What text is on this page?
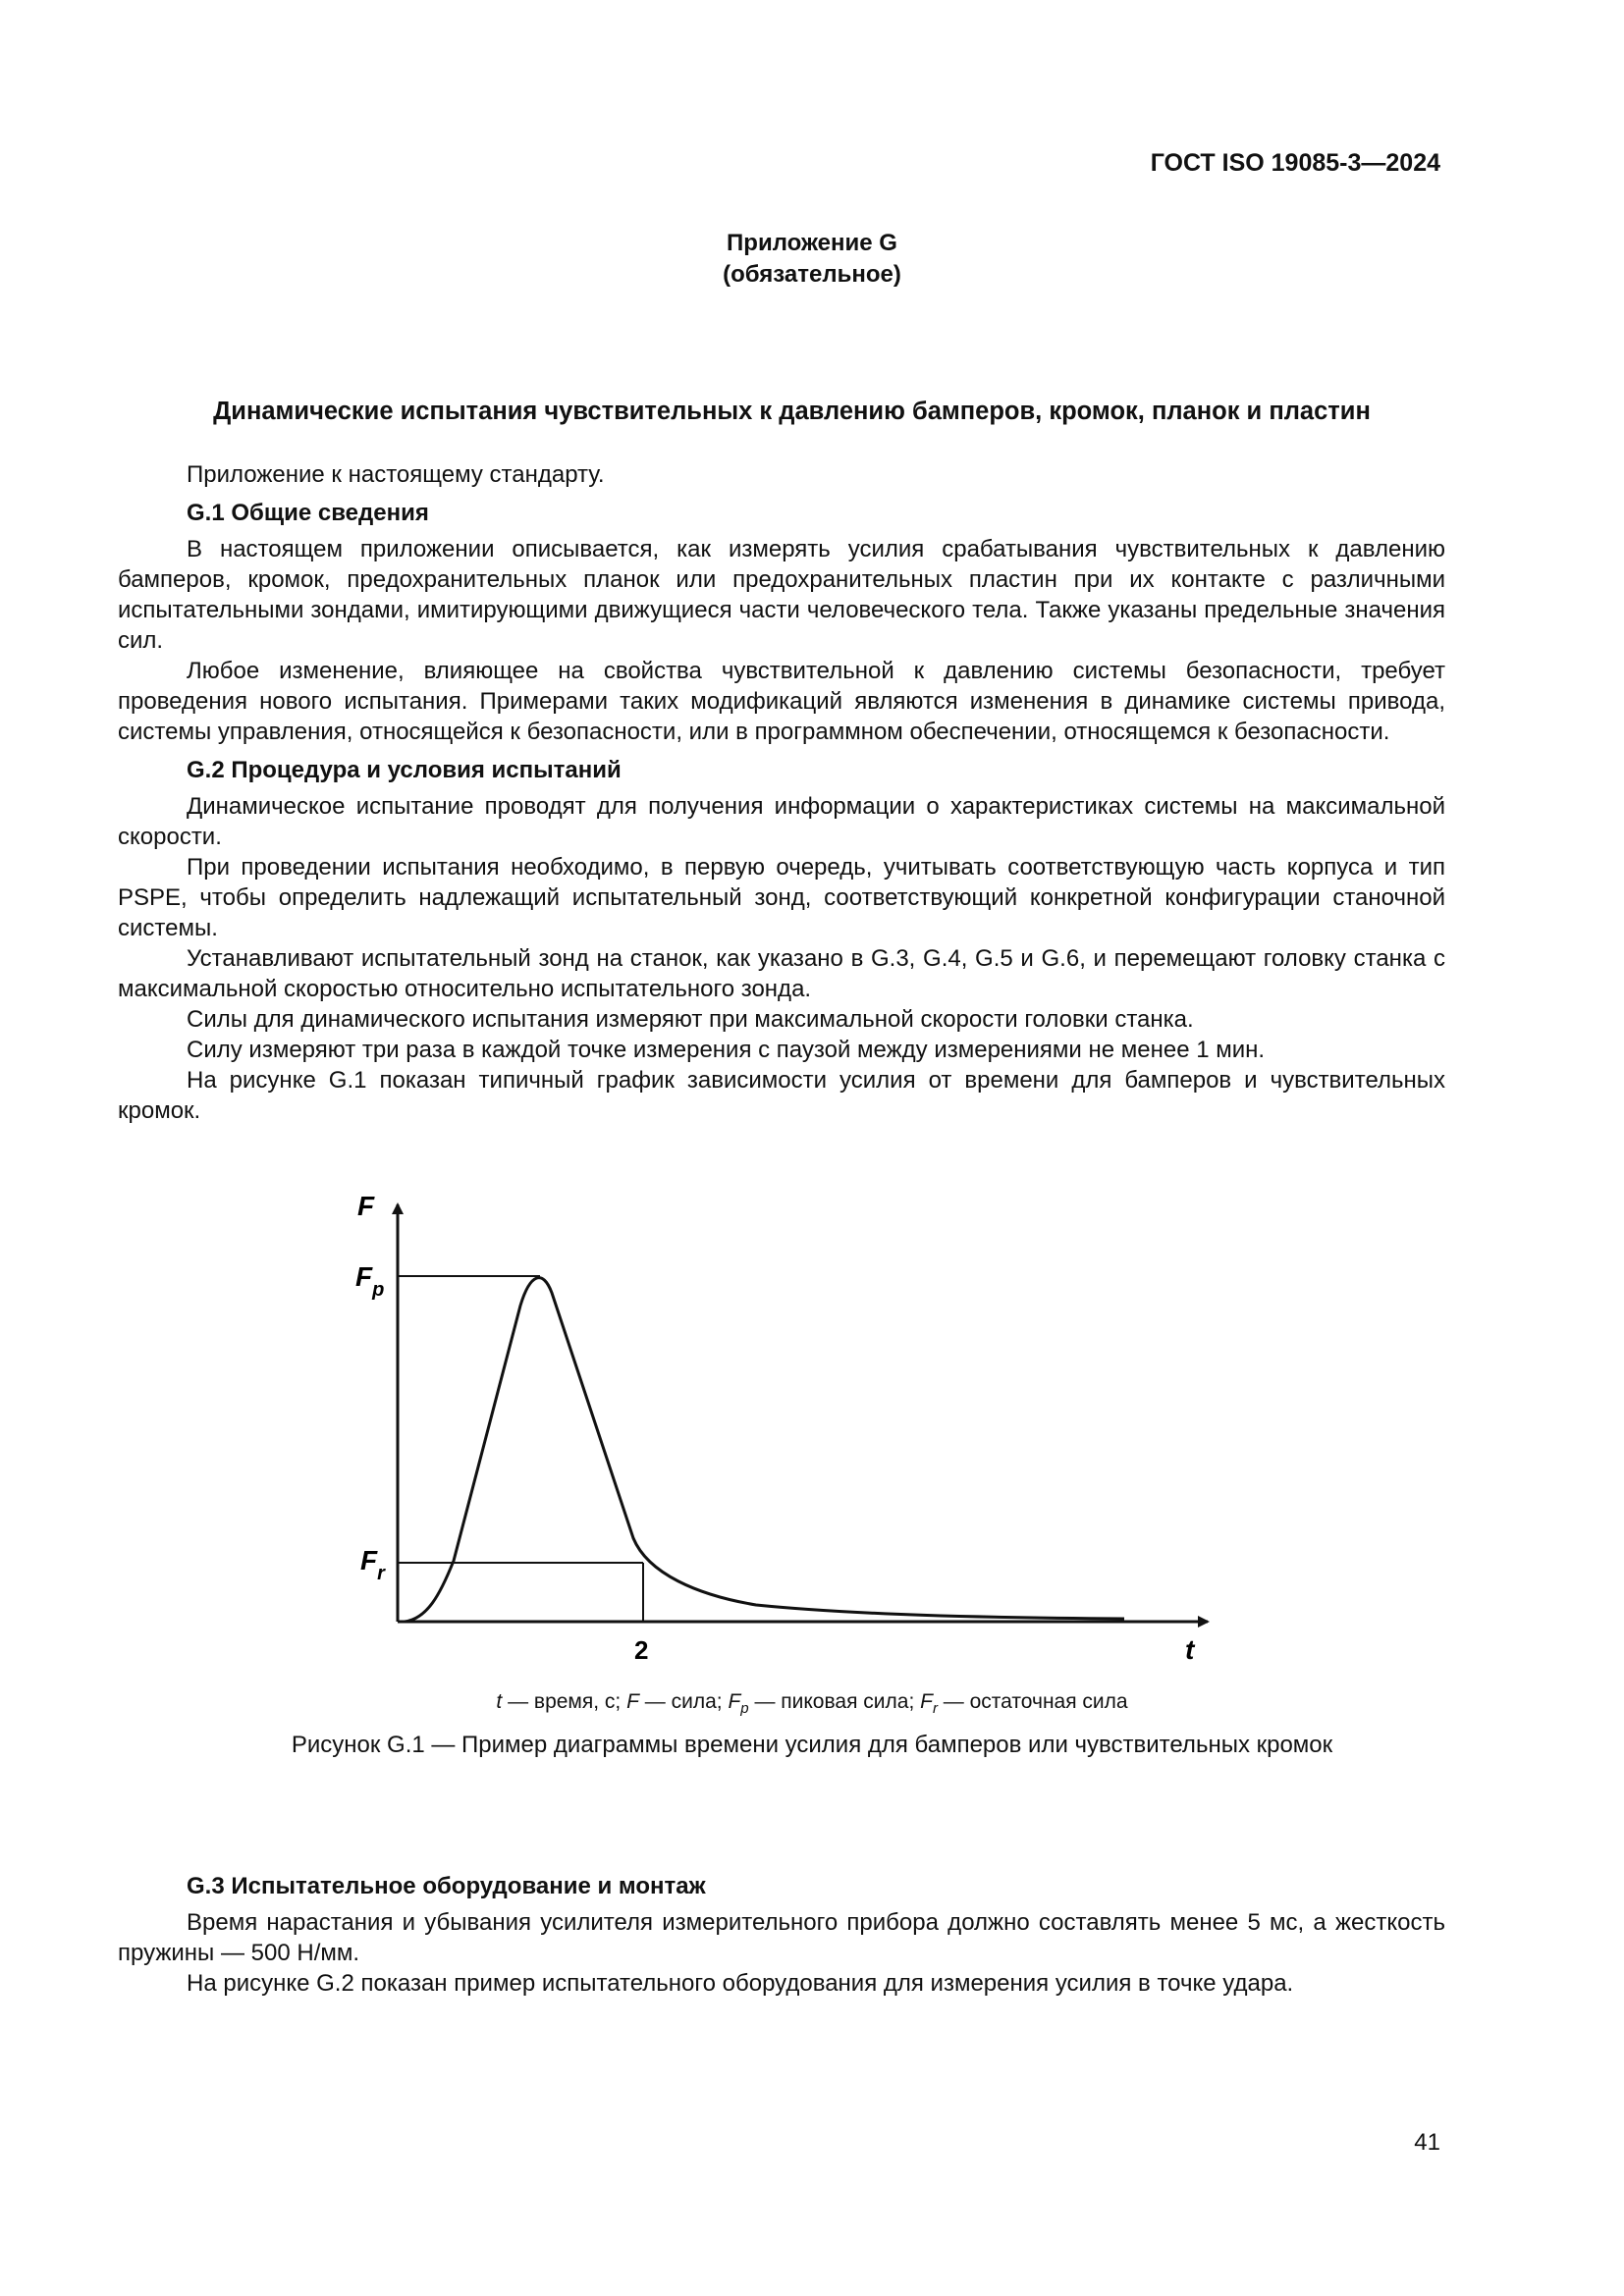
ГОСТ ISO 19085-3—2024
Приложение G
(обязательное)
Динамические испытания чувствительных к давлению бамперов, кромок, планок и пластин

Приложение к настоящему стандарту.

G.1 Общие сведения

В настоящем приложении описывается, как измерять усилия срабатывания чувствительных к давлению бамперов, кромок, предохранительных планок или предохранительных пластин при их контакте с различными испытательными зондами, имитирующими движущиеся части человеческого тела. Также указаны предельные значения сил.

Любое изменение, влияющее на свойства чувствительной к давлению системы безопасности, требует проведения нового испытания. Примерами таких модификаций являются изменения в динамике системы привода, системы управления, относящейся к безопасности, или в программном обеспечении, относящемся к безопасности.

G.2 Процедура и условия испытаний

Динамическое испытание проводят для получения информации о характеристиках системы на максимальной скорости.

При проведении испытания необходимо, в первую очередь, учитывать соответствующую часть корпуса и тип PSPE, чтобы определить надлежащий испытательный зонд, соответствующий конкретной конфигурации станочной системы.

Устанавливают испытательный зонд на станок, как указано в G.3, G.4, G.5 и G.6, и перемещают головку станка с максимальной скоростью относительно испытательного зонда.

Силы для динамического испытания измеряют при максимальной скорости головки станка.

Силу измеряют три раза в каждой точке измерения с паузой между измерениями не менее 1 мин.

На рисунке G.1 показан типичный график зависимости усилия от времени для бамперов и чувствительных кромок.

F
$F_p$
$F_r$
2	t
t — время, с; F — сила; $F_p$ — пиковая сила; $F_r$ — остаточная сила
Рисунок G.1 — Пример диаграммы времени усилия для бамперов или чувствительных кромок
G.3 Испытательное оборудование и монтаж

Время нарастания и убывания усилителя измерительного прибора должно составлять менее 5 мс, а жесткость пружины — 500 Н/мм.

На рисунке G.2 показан пример испытательного оборудования для измерения усилия в точке удара.

41
